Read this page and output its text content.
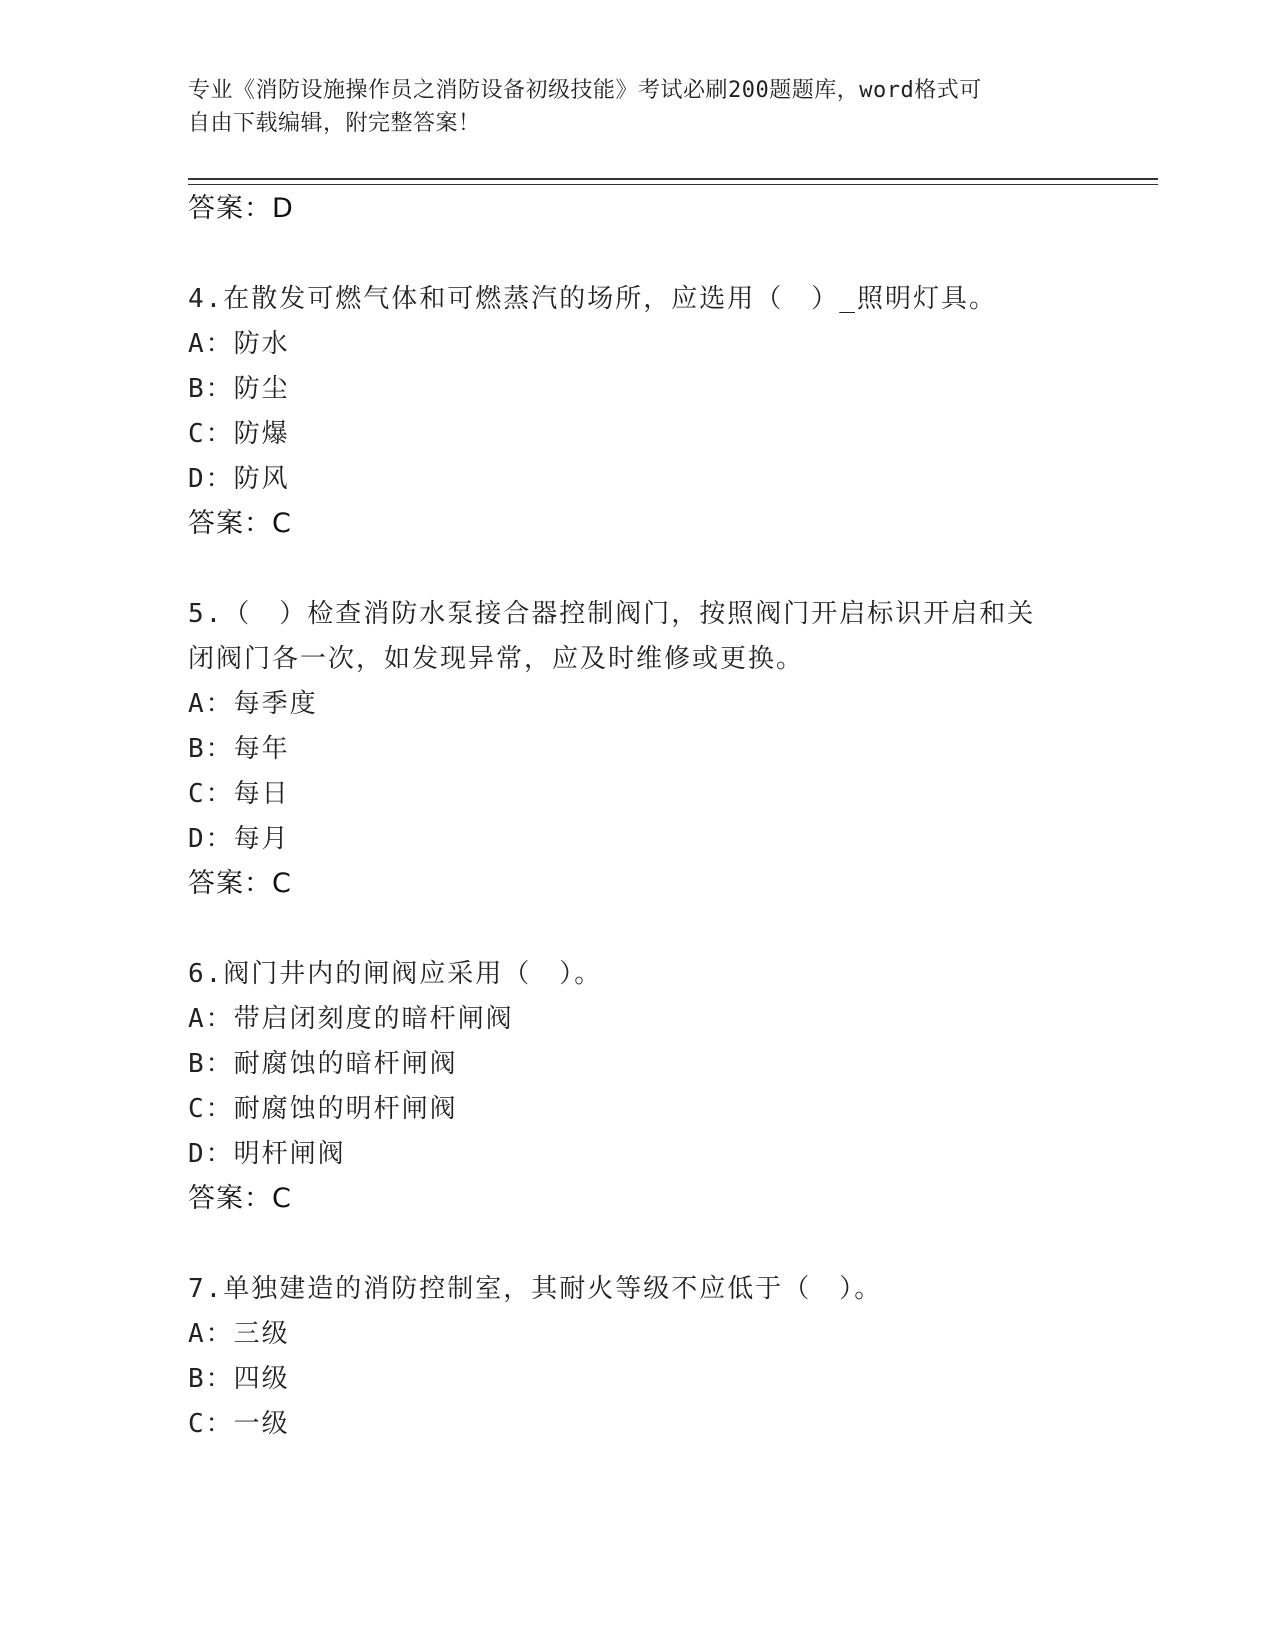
专业《消防设施操作员之消防设备初级技能》考试必刷200题题库，word格式可
自由下载编辑，附完整答案！
答案：D
4.在散发可燃气体和可燃蒸汽的场所，应选用（　）_照明灯具。
A：防水
B：防尘
C：防爆
D：防风
答案：C
5.（　）检查消防水泵接合器控制阀门，按照阀门开启标识开启和关
闭阀门各一次，如发现异常，应及时维修或更换。
A：每季度
B：每年
C：每日
D：每月
答案：C
6.阀门井内的闸阀应采用（　）。
A：带启闭刻度的暗杆闸阀
B：耐腐蚀的暗杆闸阀
C：耐腐蚀的明杆闸阀
D：明杆闸阀
答案：C
7.单独建造的消防控制室，其耐火等级不应低于（　）。
A：三级
B：四级
C：一级
